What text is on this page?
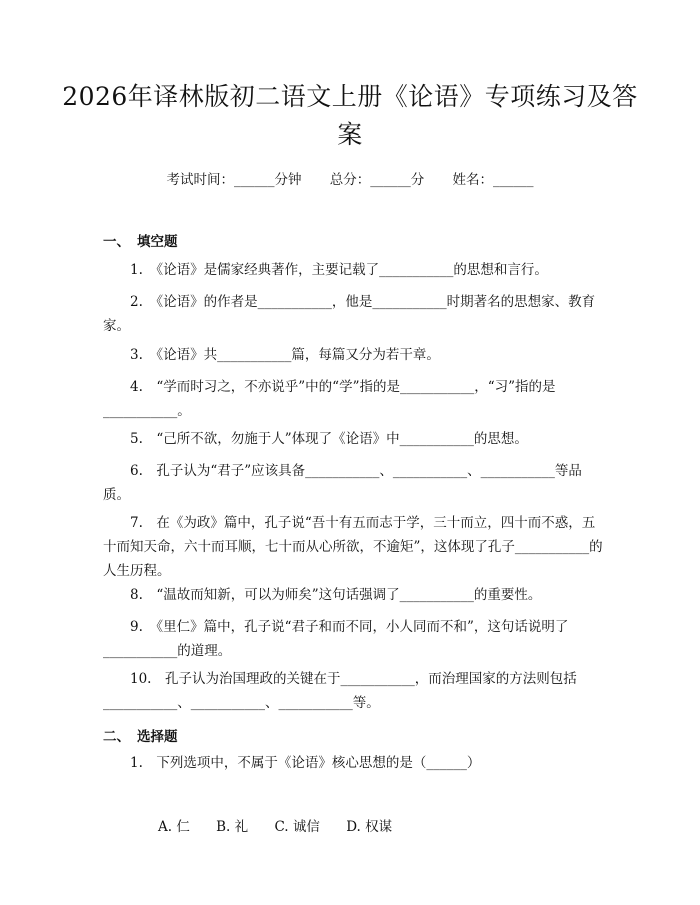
2026年译林版初二语文上册《论语》专项练习及答案
考试时间：______分钟 总分：______分 姓名：______
一、 填空题
1.　《论语》是儒家经典著作，主要记载了___________的思想和言行。
2.　《论语》的作者是___________，他是___________时期著名的思想家、教育家。
3.　《论语》共___________篇，每篇又分为若干章。
4.　“学而时习之，不亦说乎”中的“学”指的是___________，“习”指的是___________。
5.　“己所不欲，勿施于人”体现了《论语》中___________的思想。
6.　孔子认为“君子”应该具备___________、___________、___________等品质。
7.　在《为政》篇中，孔子说“吾十有五而志于学，三十而立，四十而不惑，五十而知天命，六十而耳顺，七十而从心所欲，不逾矩”，这体现了孔子___________的人生历程。
8.　“温故而知新，可以为师矣”这句话强调了___________的重要性。
9.　《里仁》篇中，孔子说“君子和而不同，小人同而不和”，这句话说明了___________的道理。
10.　孔子认为治国理政的关键在于___________，而治理国家的方法则包括___________、___________、___________等。
二、 选择题
1.　下列选项中，不属于《论语》核心思想的是（______）
A. 仁 B. 礼 C. 诚信 D. 权谋
